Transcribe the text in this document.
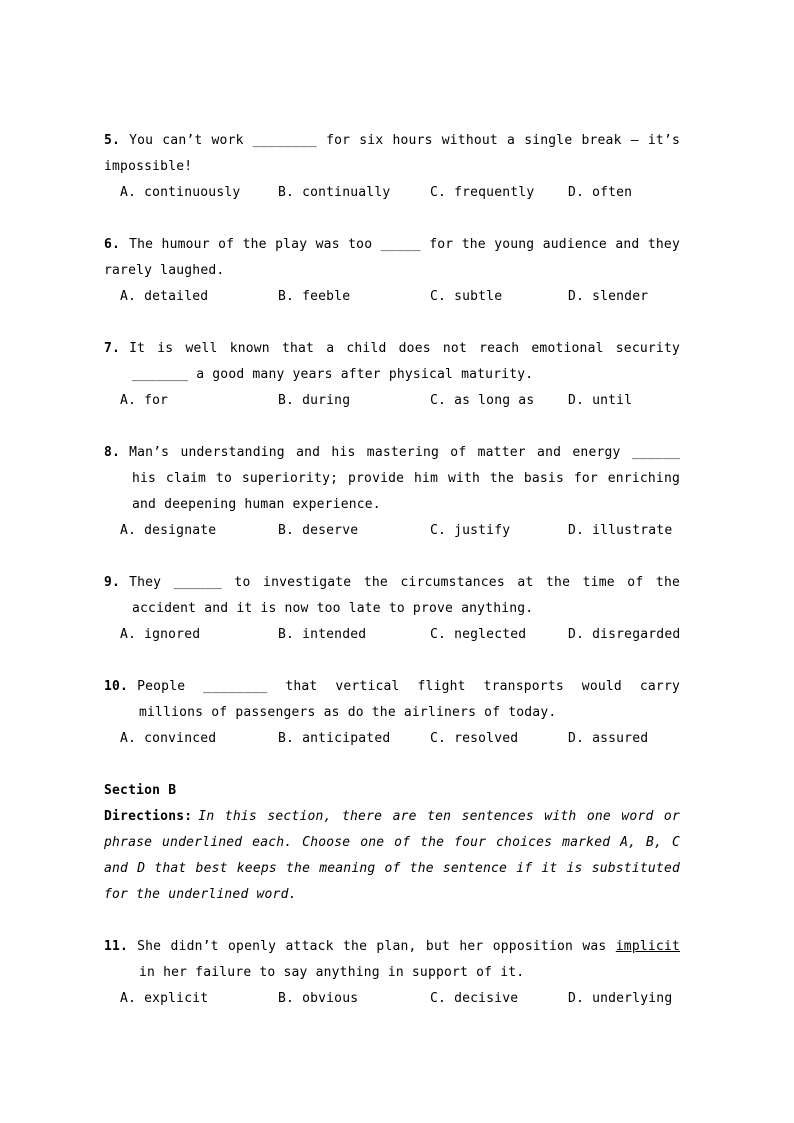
5. You can’t work ________ for six hours without a single break — it’s impossible!

A. continuously	B. continually	C. frequently	D. often

6. The humour of the play was too _____ for the young audience and they rarely laughed.

A. detailed	B. feeble	C. subtle	D. slender

7. It is well known that a child does not reach emotional security _______ a good many years after physical maturity.

A. for	B. during	C. as long as	D. until

8. Man’s understanding and his mastering of matter and energy ______ his claim to superiority; provide him with the basis for enriching and deepening human experience.

A. designate	B. deserve	C. justify	D. illustrate

9. They ______ to investigate the circumstances at the time of the accident and it is now too late to prove anything.

A. ignored	B. intended	C. neglected	D. disregarded

10. People ________ that vertical flight transports would carry millions of passengers as do the airliners of today.

A. convinced	B. anticipated	C. resolved	D. assured

Section B

Directions: In this section, there are ten sentences with one word or phrase underlined each. Choose one of the four choices marked A, B, C and D that best keeps the meaning of the sentence if it is substituted for the underlined word.

11. She didn’t openly attack the plan, but her opposition was implicit in her failure to say anything in support of it.

A. explicit	B. obvious	C. decisive	D. underlying
